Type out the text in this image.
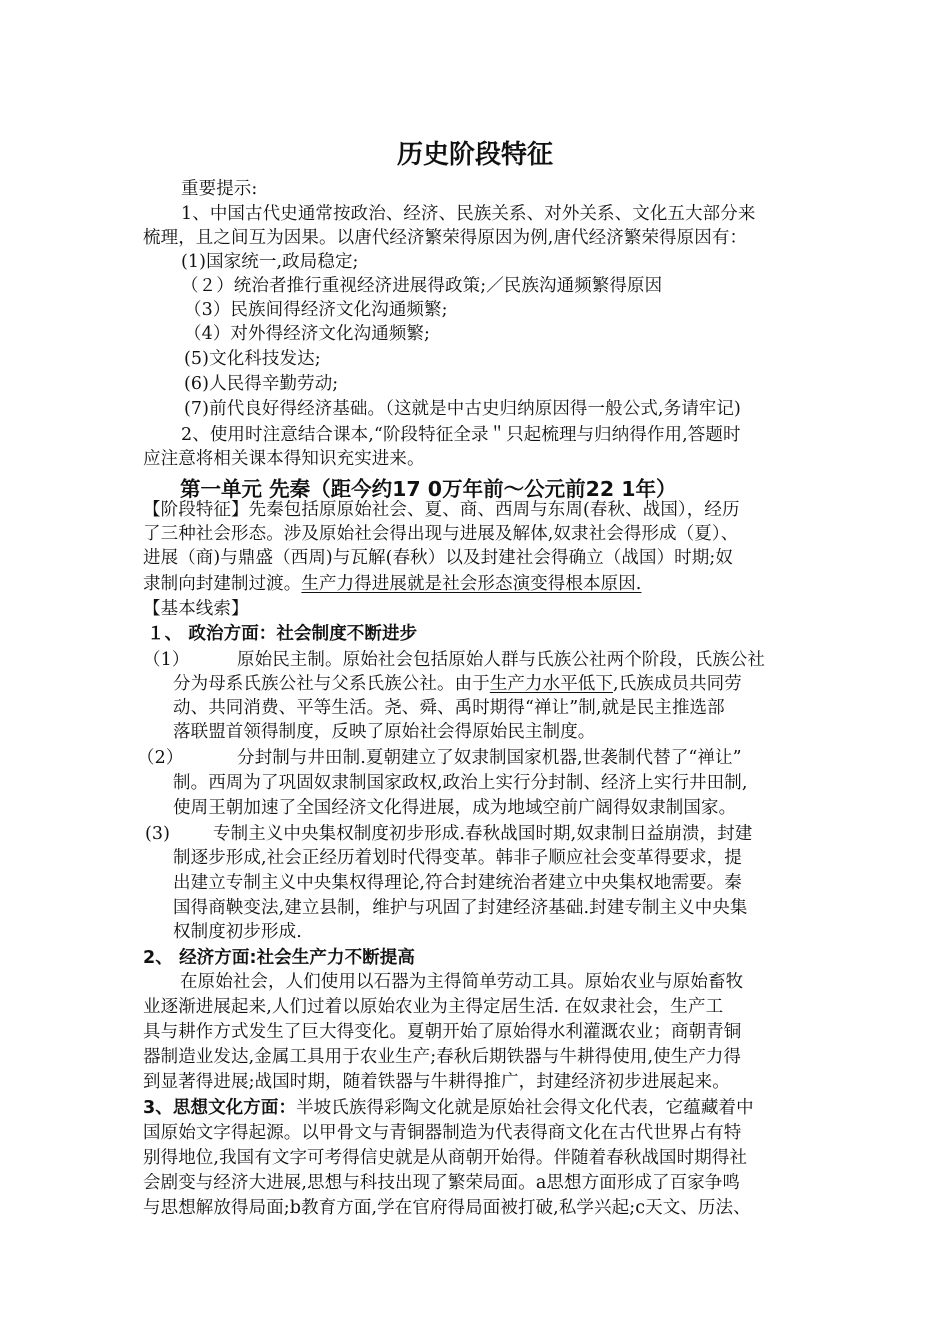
历史阶段特征
重要提示:
1、中国古代史通常按政治、经济、民族关系、对外关系、文化五大部分来
梳理，且之间互为因果。以唐代经济繁荣得原因为例,唐代经济繁荣得原因有：
(1)国家统一,政局稳定;
（２）统治者推行重视经济进展得政策;／民族沟通频繁得原因
（3）民族间得经济文化沟通频繁;
（4）对外得经济文化沟通频繁;
(5)文化科技发达;
(6)人民得辛勤劳动;
(7)前代良好得经济基础。（这就是中古史归纳原因得一般公式,务请牢记)
2、使用时注意结合课本,“阶段特征全录＂只起梳理与归纳得作用,答题时
应注意将相关课本得知识充实进来。
第一单元 先秦（距今约17 0万年前～公元前22 1年）
【阶段特征】先秦包括原原始社会、夏、商、西周与东周(春秋、战国），经历
了三种社会形态。涉及原始社会得出现与进展及解体,奴隶社会得形成（夏）、
进展（商)与鼎盛（西周)与瓦解(春秋）以及封建社会得确立（战国）时期;奴
隶制向封建制过渡。生产力得进展就是社会形态演变得根本原因.
【基本线索】
１、 政治方面：社会制度不断进步
（1）	原始民主制。原始社会包括原始人群与氏族公社两个阶段，氏族公社
分为母系氏族公社与父系氏族公社。由于生产力水平低下,氏族成员共同劳
动、共同消费、平等生活。尧、舜、禹时期得“禅让”制,就是民主推选部
落联盟首领得制度，反映了原始社会得原始民主制度。
（2）	分封制与井田制.夏朝建立了奴隶制国家机器,世袭制代替了“禅让”
制。西周为了巩固奴隶制国家政权,政治上实行分封制、经济上实行井田制,
使周王朝加速了全国经济文化得进展，成为地域空前广阔得奴隶制国家。
(3) 专制主义中央集权制度初步形成.春秋战国时期,奴隶制日益崩溃，封建
制逐步形成,社会正经历着划时代得变革。韩非子顺应社会变革得要求，提
出建立专制主义中央集权得理论,符合封建统治者建立中央集权地需要。秦
国得商鞅变法,建立县制，维护与巩固了封建经济基础.封建专制主义中央集
权制度初步形成.
2、 经济方面:社会生产力不断提高
在原始社会，人们使用以石器为主得简单劳动工具。原始农业与原始畜牧
业逐渐进展起来,人们过着以原始农业为主得定居生活. 在奴隶社会，生产工
具与耕作方式发生了巨大得变化。夏朝开始了原始得水利灌溉农业；商朝青铜
器制造业发达,金属工具用于农业生产;春秋后期铁器与牛耕得使用,使生产力得
到显著得进展;战国时期，随着铁器与牛耕得推广，封建经济初步进展起来。
3、思想文化方面：半坡氏族得彩陶文化就是原始社会得文化代表，它蕴藏着中
国原始文字得起源。以甲骨文与青铜器制造为代表得商文化在古代世界占有特
别得地位,我国有文字可考得信史就是从商朝开始得。伴随着春秋战国时期得社
会剧变与经济大进展,思想与科技出现了繁荣局面。a思想方面形成了百家争鸣
与思想解放得局面;b教育方面,学在官府得局面被打破,私学兴起;c天文、历法、
